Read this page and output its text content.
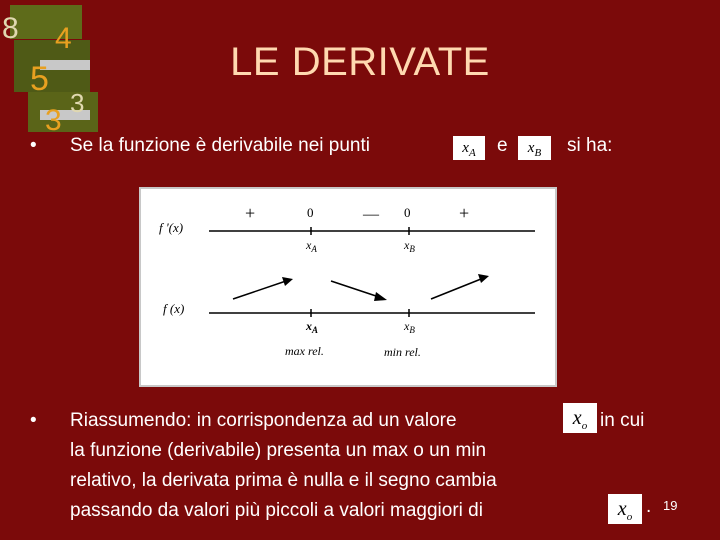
8 4
5
3
3
LE DERIVATE
• Se la funzione è derivabile nei punti	e	si ha:
$x_A$	$x_B$
f '(x)
+	0	— 0	+
$x_A$	$x_B$
f (x)
$x_A$	$x_B$
max rel.	min rel.
• Riassumendo: in corrispondenza ad un valore	in cui
la funzione (derivabile) presenta un max o un min
relativo, la derivata prima è nulla e il segno cambia
passando da valori più piccoli a valori maggiori di
$x_o$
$x_o$ . 19
